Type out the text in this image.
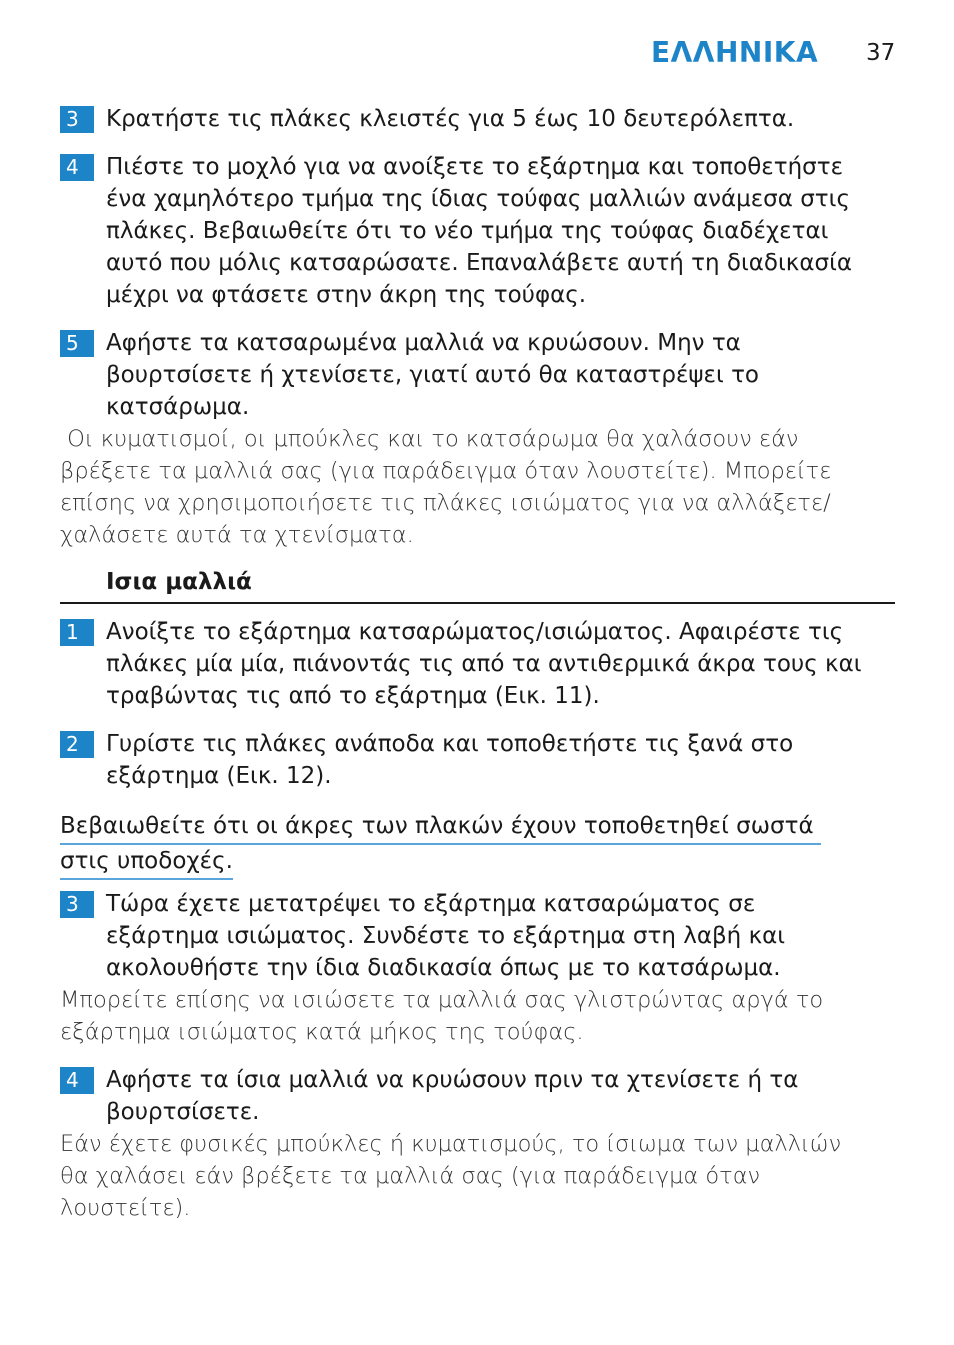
ΕΛΛΗΝΙΚΑ 37
3	Κρατήστε τις πλάκες κλειστές για 5 έως 10 δευτερόλεπτα.
4	Πιέστε το μοχλό για να ανοίξετε το εξάρτημα και τοποθετήστε
ένα χαμηλότερο τμήμα της ίδιας τούφας μαλλιών ανάμεσα στις
πλάκες. Βεβαιωθείτε ότι το νέο τμήμα της τούφας διαδέχεται
αυτό που μόλις κατσαρώσατε. Επαναλάβετε αυτή τη διαδικασία
μέχρι να φτάσετε στην άκρη της τούφας.
5	Αφήστε τα κατσαρωμένα μαλλιά να κρυώσουν. Μην τα
βουρτσίσετε ή χτενίσετε, γιατί αυτό θα καταστρέψει το
κατσάρωμα.
Οι κυματισμοί, οι μπούκλες και το κατσάρωμα θα χαλάσουν εάν
βρέξετε τα μαλλιά σας (για παράδειγμα όταν λουστείτε). Μπορείτε
επίσης να χρησιμοποιήσετε τις πλάκες ισιώματος για να αλλάξετε/
χαλάσετε αυτά τα χτενίσματα.
Ισια μαλλιά
1	Ανοίξτε το εξάρτημα κατσαρώματος/ισιώματος. Αφαιρέστε τις
πλάκες μία μία, πιάνοντάς τις από τα αντιθερμικά άκρα τους και
τραβώντας τις από το εξάρτημα (Εικ. 11).
2	Γυρίστε τις πλάκες ανάποδα και τοποθετήστε τις ξανά στο
εξάρτημα (Εικ. 12).
Βεβαιωθείτε ότι οι άκρες των πλακών έχουν τοποθετηθεί σωστά
στις υποδοχές.
3	Τώρα έχετε μετατρέψει το εξάρτημα κατσαρώματος σε
εξάρτημα ισιώματος. Συνδέστε το εξάρτημα στη λαβή και
ακολουθήστε την ίδια διαδικασία όπως με το κατσάρωμα.
Μπορείτε επίσης να ισιώσετε τα μαλλιά σας γλιστρώντας αργά το
εξάρτημα ισιώματος κατά μήκος της τούφας.
4	Αφήστε τα ίσια μαλλιά να κρυώσουν πριν τα χτενίσετε ή τα
βουρτσίσετε.
Εάν έχετε φυσικές μπούκλες ή κυματισμούς, το ίσιωμα των μαλλιών
θα χαλάσει εάν βρέξετε τα μαλλιά σας (για παράδειγμα όταν
λουστείτε).
